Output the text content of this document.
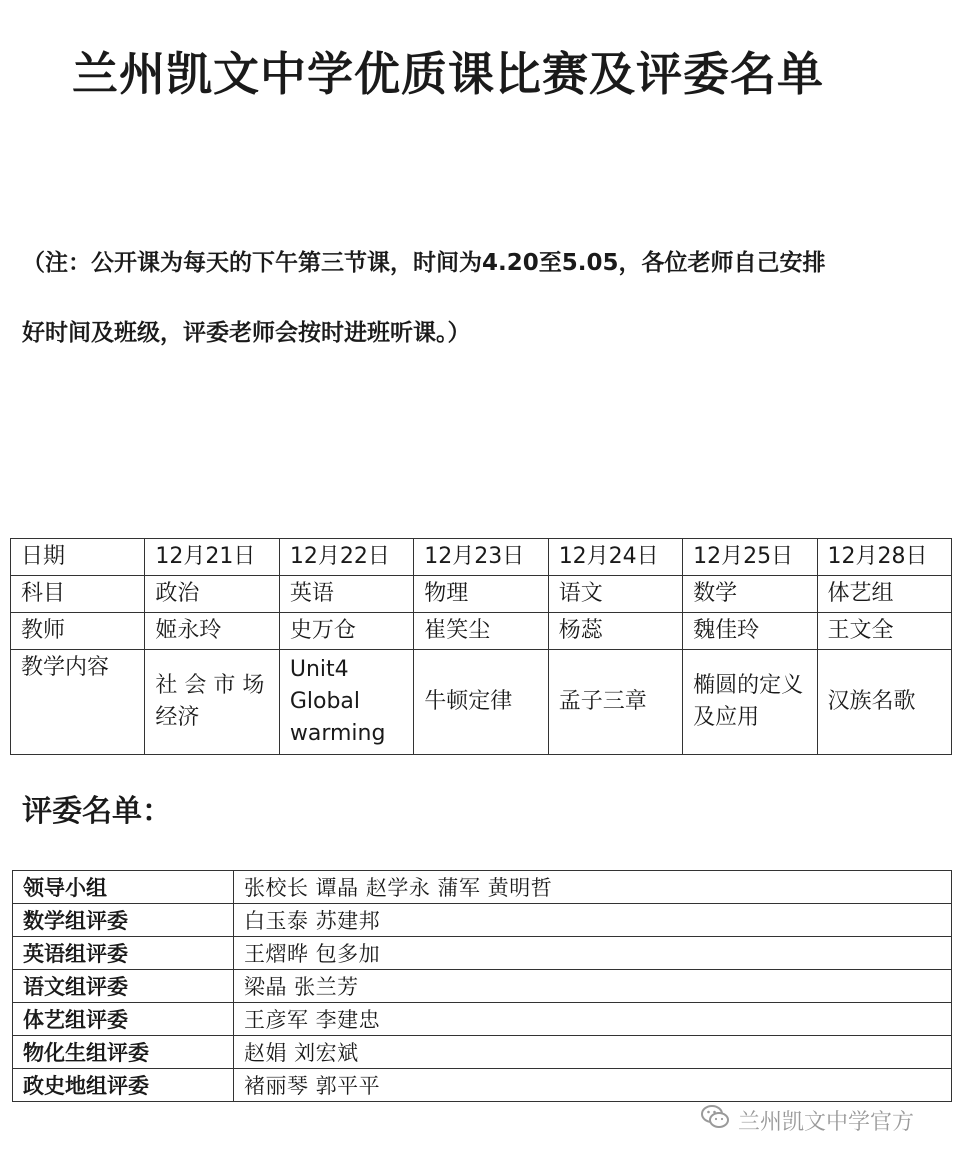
兰州凯文中学优质课比赛及评委名单
（注：公开课为每天的下午第三节课，时间为4.20至5.05，各位老师自己安排
好时间及班级，评委老师会按时进班听课。）
日期	12月21日	12月22日	12月23日	12月24日	12月25日	12月28日
科目	政治	英语	物理	语文	数学	体艺组
教师	姬永玲	史万仓	崔笑尘	杨蕊	魏佳玲	王文全
教学内容	社 会 市 场 经济	Unit4 Global warming	牛顿定律	孟子三章	椭圆的定义及应用	汉族名歌
评委名单：
领导小组	张校长 谭晶 赵学永 蒲军 黄明哲
数学组评委	白玉泰 苏建邦
英语组评委	王熠晔 包多加
语文组评委	梁晶 张兰芳
体艺组评委	王彦军 李建忠
物化生组评委	赵娟 刘宏斌
政史地组评委	褚丽琴 郭平平
兰州凯文中学官方
